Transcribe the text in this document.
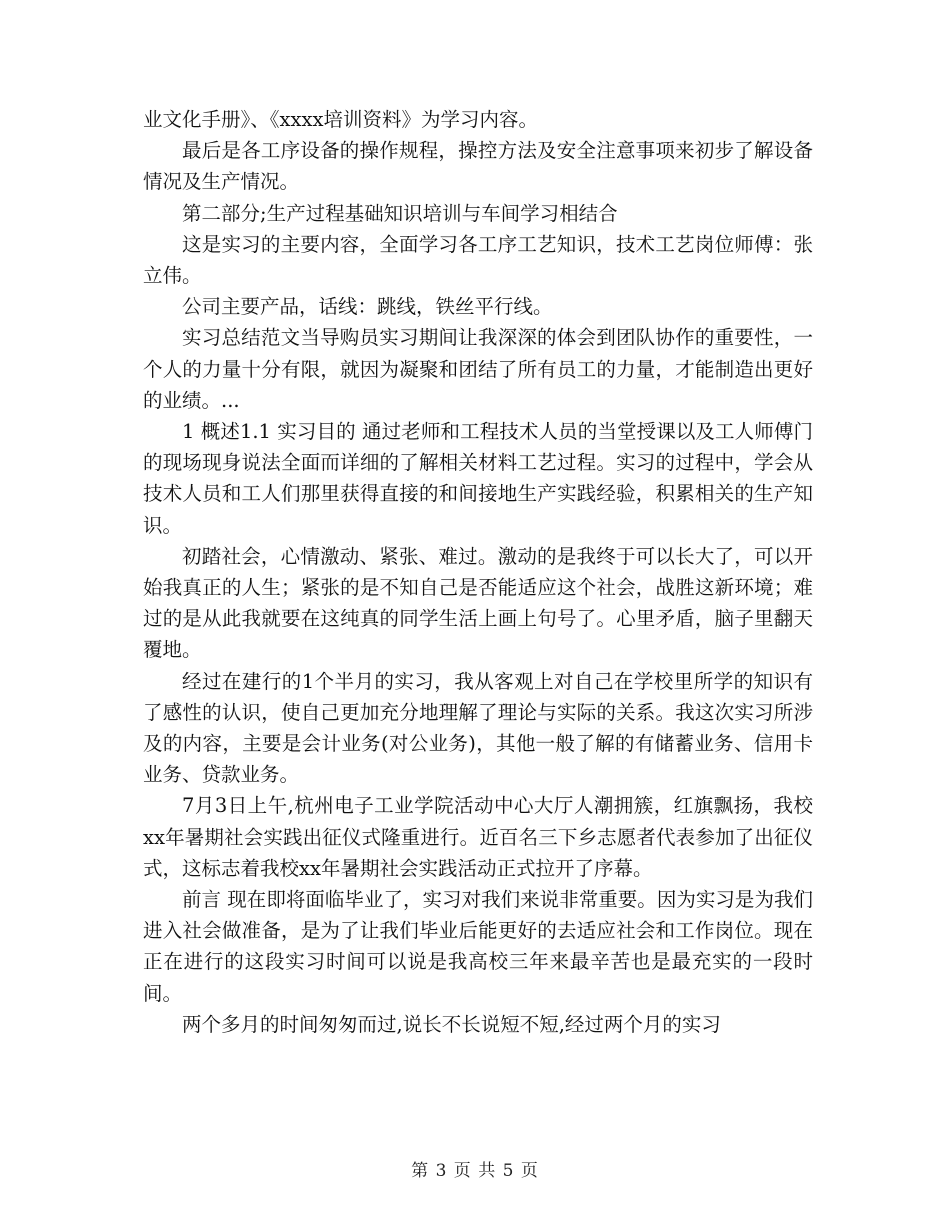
业文化手册》、《xxxx培训资料》为学习内容。

最后是各工序设备的操作规程，操控方法及安全注意事项来初步了解设备情况及生产情况。

第二部分;生产过程基础知识培训与车间学习相结合

这是实习的主要内容，全面学习各工序工艺知识，技术工艺岗位师傅：张立伟。

公司主要产品，话线：跳线，铁丝平行线。

实习总结范文当导购员实习期间让我深深的体会到团队协作的重要性，一个人的力量十分有限，就因为凝聚和团结了所有员工的力量，才能制造出更好的业绩。...

1 概述1.1 实习目的 通过老师和工程技术人员的当堂授课以及工人师傅门的现场现身说法全面而详细的了解相关材料工艺过程。实习的过程中，学会从技术人员和工人们那里获得直接的和间接地生产实践经验，积累相关的生产知识。

初踏社会，心情激动、紧张、难过。激动的是我终于可以长大了，可以开始我真正的人生；紧张的是不知自己是否能适应这个社会，战胜这新环境；难过的是从此我就要在这纯真的同学生活上画上句号了。心里矛盾，脑子里翻天覆地。

经过在建行的1个半月的实习，我从客观上对自己在学校里所学的知识有了感性的认识，使自己更加充分地理解了理论与实际的关系。我这次实习所涉及的内容，主要是会计业务(对公业务)，其他一般了解的有储蓄业务、信用卡业务、贷款业务。

7月3日上午,杭州电子工业学院活动中心大厅人潮拥簇，红旗飘扬，我校xx年暑期社会实践出征仪式隆重进行。近百名三下乡志愿者代表参加了出征仪式，这标志着我校xx年暑期社会实践活动正式拉开了序幕。

前言 现在即将面临毕业了，实习对我们来说非常重要。因为实习是为我们进入社会做准备，是为了让我们毕业后能更好的去适应社会和工作岗位。现在正在进行的这段实习时间可以说是我高校三年来最辛苦也是最充实的一段时间。

两个多月的时间匆匆而过,说长不长说短不短,经过两个月的实习

第 3 页 共 5 页
